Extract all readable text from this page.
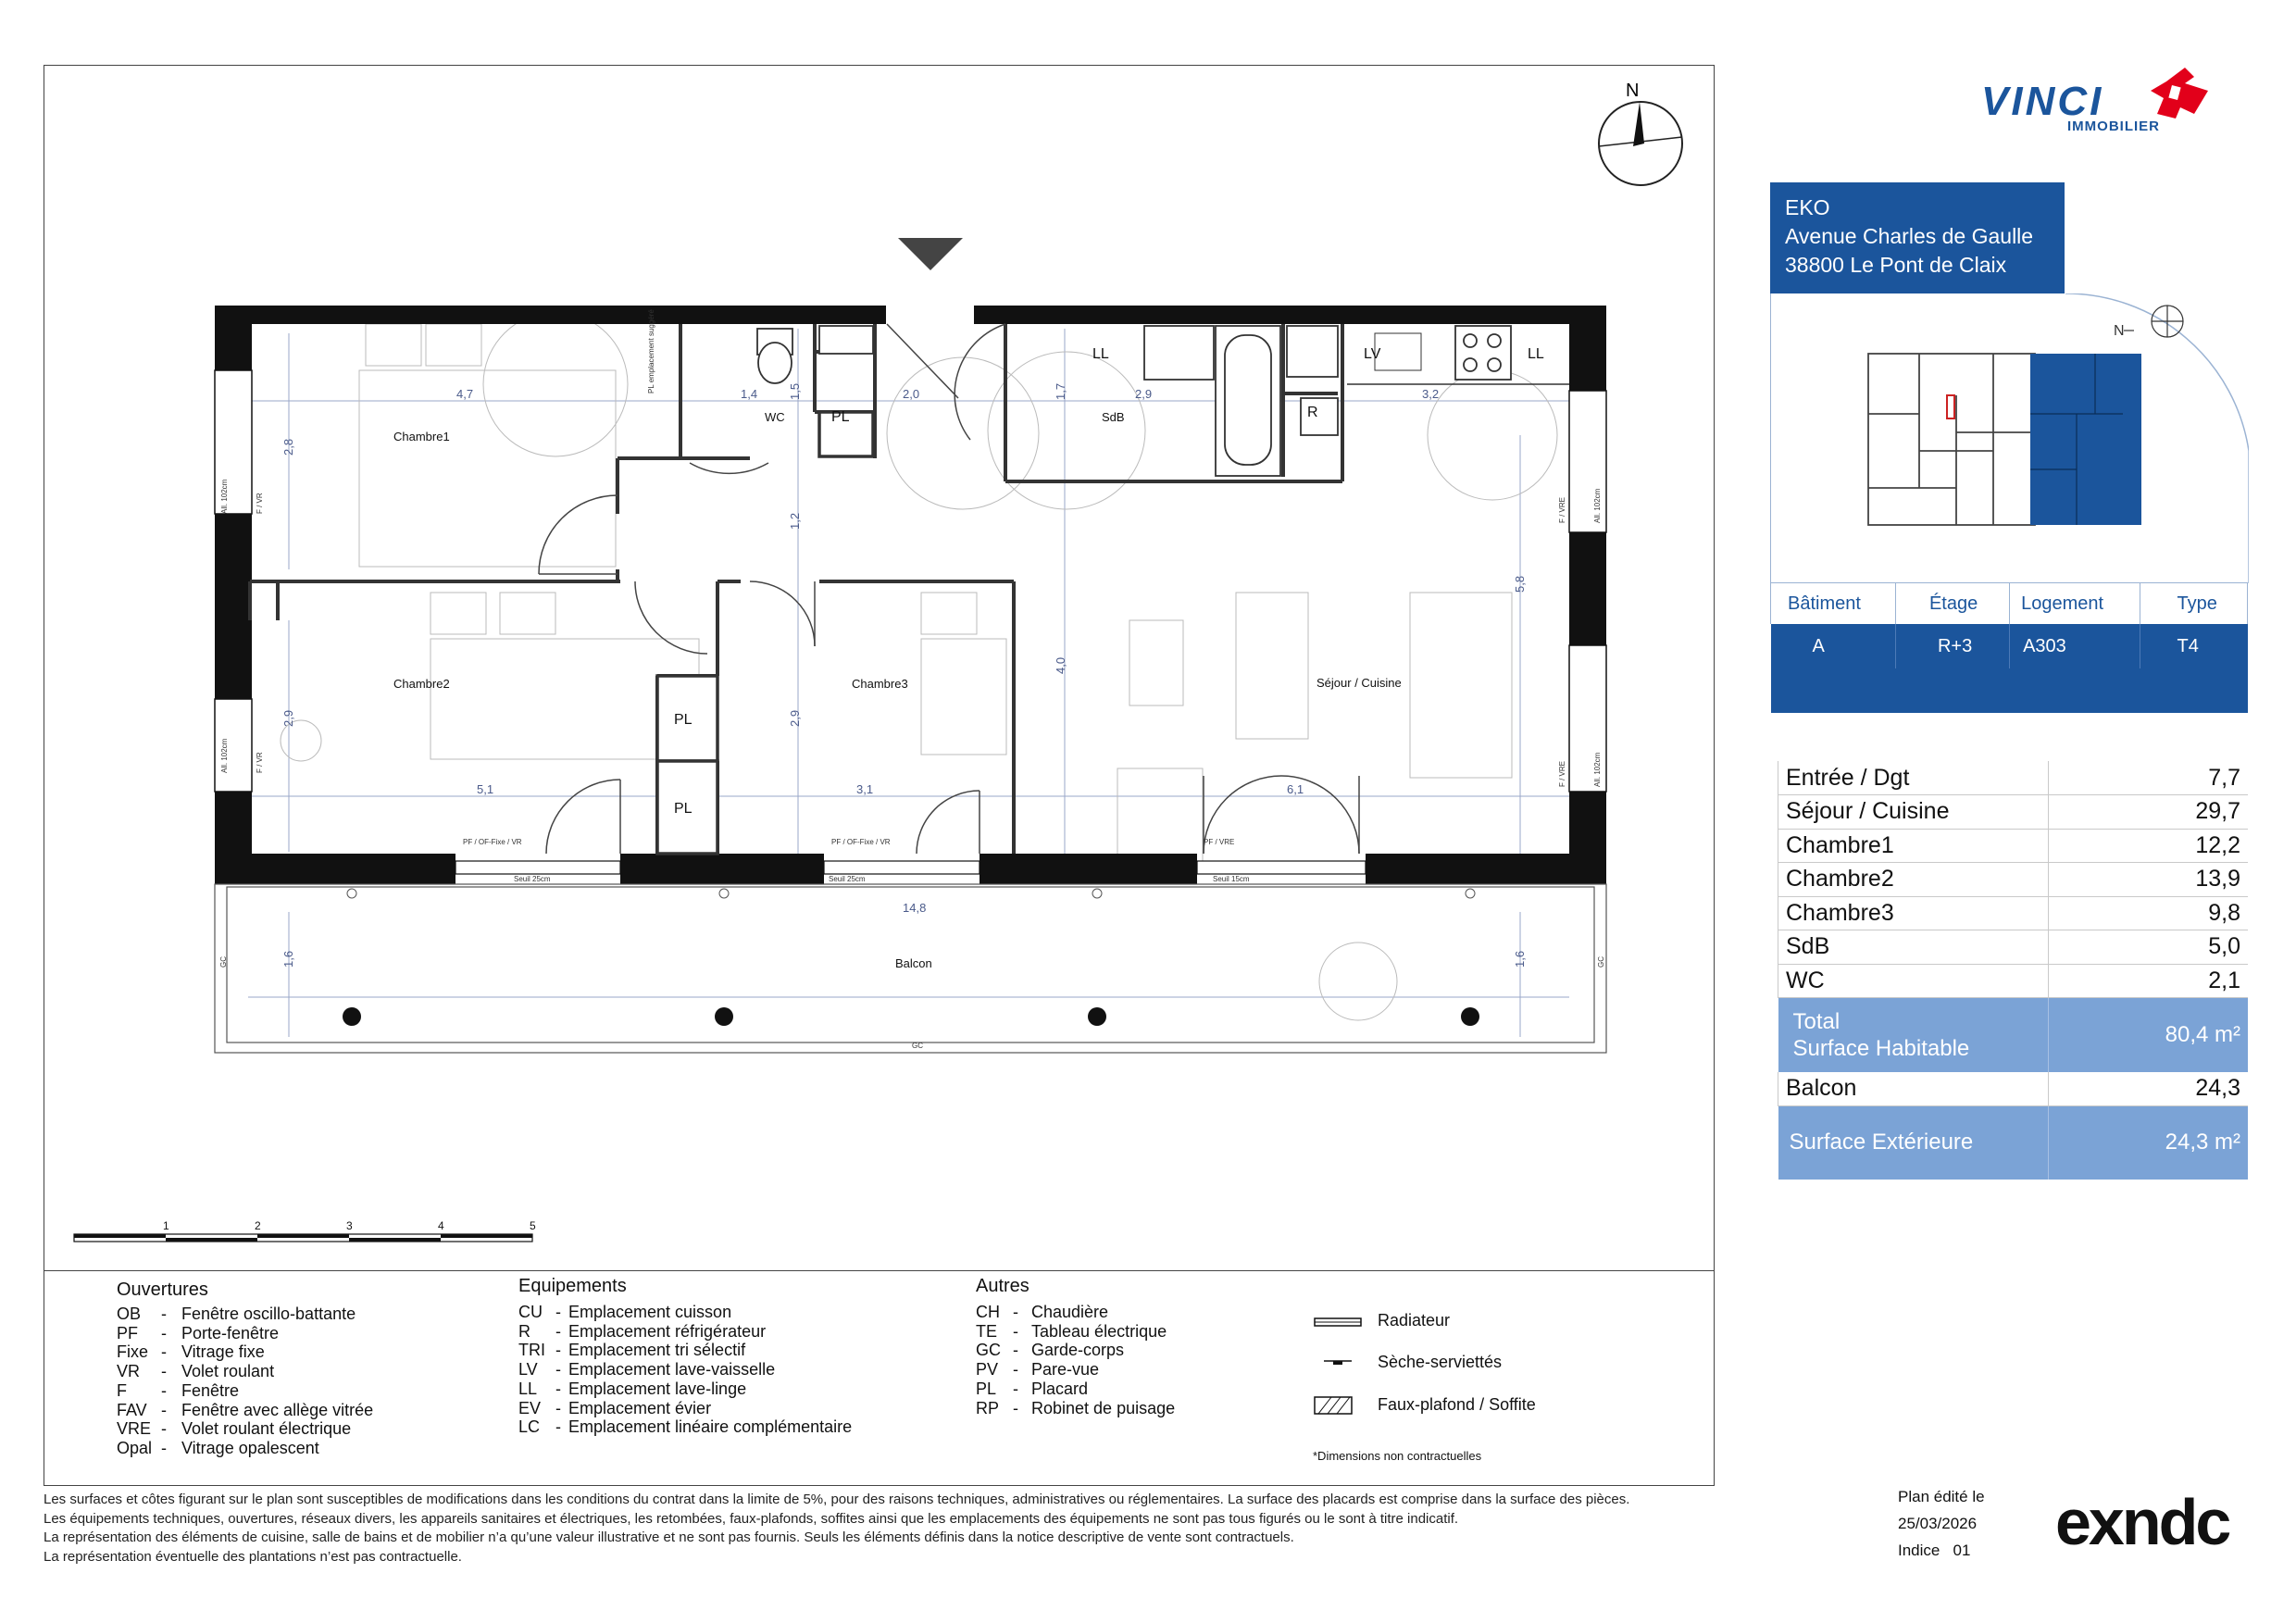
N
Chambre1
Chambre2	Chambre3
WC	SdB
Séjour / Cuisine
Balcon
PL
PL
PL
LL	LL
LV
R
4,7	1,4	2,0	2,9	3,2
5,1	3,1	6,1
14,8
1,5	1,7
2,8
1,2
4,0
5,8
2,9	2,9
1,6	1,6
PF / OF-Fixe / VR	PF / OF-Fixe / VR	PF / VRE
Seuil 25cm	Seuil 25cm	Seuil 15cm
GC
GC	GC
F / VR
F / VR
All. 102cm
All. 102cm
F / VRE
F / VRE
All. 102cm
All. 102cm
PL emplacement suggéré
1	2	3	4	5
VINCI
IMMOBILIER
EKO
Avenue Charles de Gaulle
38800 Le Pont de Claix
N
Bâtiment	Étage	Logement	Type
A	R+3	A303	T4

Entrée / Dgt	7,7
Séjour / Cuisine	29,7
Chambre1	12,2
Chambre2	13,9
Chambre3	9,8
SdB	5,0
WC	2,1

Total
Surface Habitable	80,4 m²
Balcon	24,3
Surface Extérieure	24,3 m²
Ouvertures
OB - Fenêtre oscillo-battante
PF - Porte-fenêtre
Fixe - Vitrage fixe
VR - Volet roulant
F - Fenêtre
FAV - Fenêtre avec allège vitrée
VRE - Volet roulant électrique
Opal - Vitrage opalescent
Equipements
CU - Emplacement cuisson
R - Emplacement réfrigérateur
TRI - Emplacement tri sélectif
LV - Emplacement lave-vaisselle
LL - Emplacement lave-linge
EV - Emplacement évier
LC - Emplacement linéaire complémentaire
Autres
CH - Chaudière
TE - Tableau électrique
GC - Garde-corps
PV - Pare-vue
PL - Placard
RP - Robinet de puisage
Radiateur
Sèche-serviettés
Faux-plafond / Soffite
*Dimensions non contractuelles
Les surfaces et côtes figurant sur le plan sont susceptibles de modifications dans les conditions du contrat dans la limite de 5%, pour des raisons techniques, administratives ou réglementaires. La surface des placards est comprise dans la surface des pièces.
Les équipements techniques, ouvertures, réseaux divers, les appareils sanitaires et électriques, les retombées, faux-plafonds, soffites ainsi que les emplacements des équipements ne sont pas tous figurés ou le sont à titre indicatif.
La représentation des éléments de cuisine, salle de bains et de mobilier n’a qu’une valeur illustrative et ne sont pas fournis. Seuls les éléments définis dans la notice descriptive de vente sont contractuels.
La représentation éventuelle des plantations n’est pas contractuelle.
Plan édité le
25/03/2026
Indice   01 exndc
